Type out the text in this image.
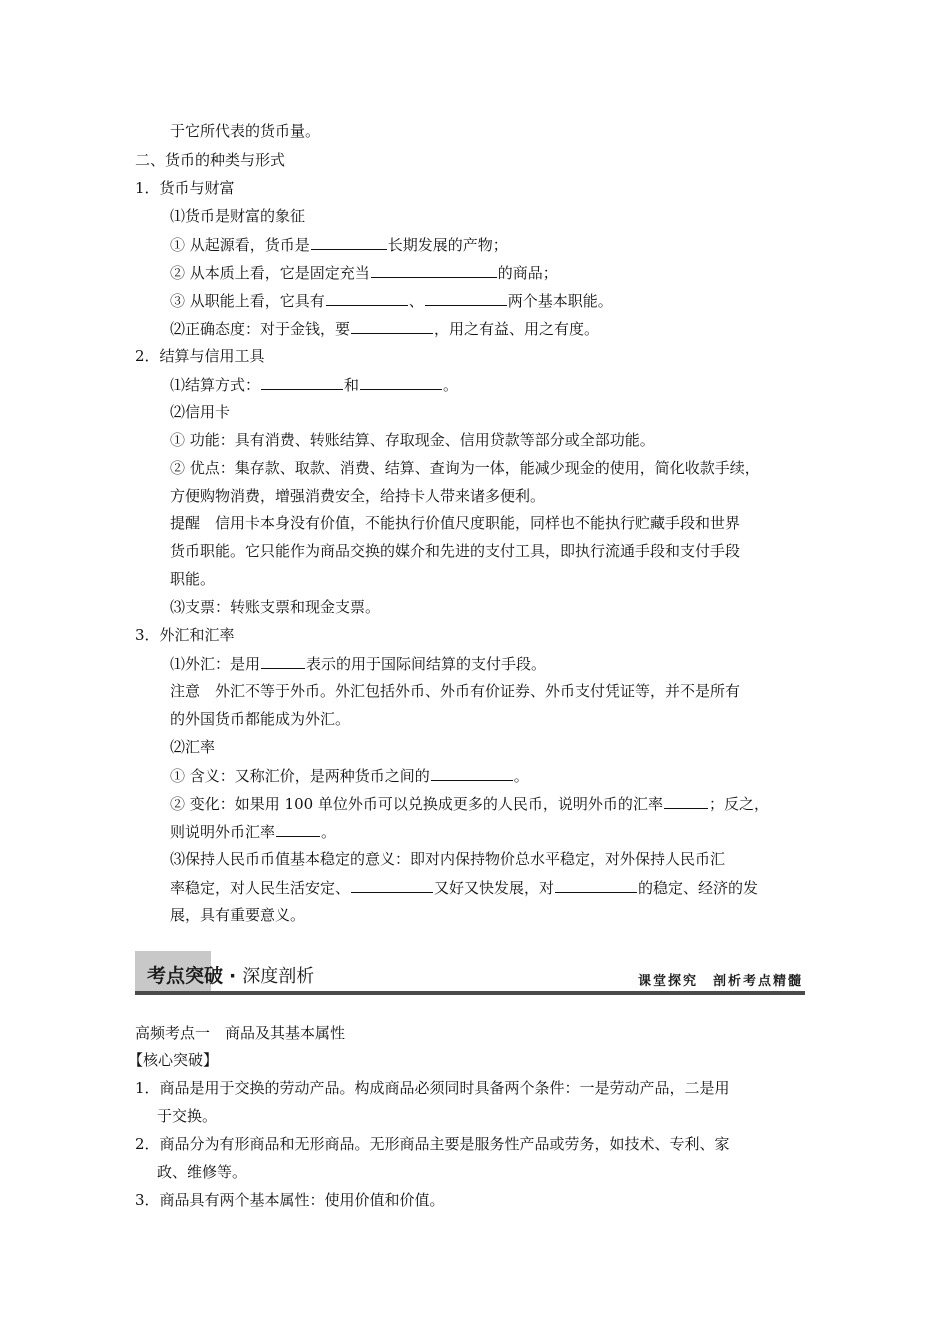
于它所代表的货币量。
二、货币的种类与形式
1．货币与财富
⑴货币是财富的象征
① 从起源看，货币是	长期发展的产物；
② 从本质上看，它是固定充当	的商品；
③ 从职能上看，它具有	、	两个基本职能。
⑵正确态度：对于金钱，要	，用之有益、用之有度。
2．结算与信用工具
⑴结算方式：	和	。
⑵信用卡
① 功能：具有消费、转账结算、存取现金、信用贷款等部分或全部功能。
② 优点：集存款、取款、消费、结算、查询为一体，能减少现金的使用，简化收款手续，
方便购物消费，增强消费安全，给持卡人带来诸多便利。
提醒　信用卡本身没有价值，不能执行价值尺度职能，同样也不能执行贮藏手段和世界
货币职能。它只能作为商品交换的媒介和先进的支付工具，即执行流通手段和支付手段
职能。
⑶支票：转账支票和现金支票。
3．外汇和汇率
⑴外汇：是用	表示的用于国际间结算的支付手段。
注意　外汇不等于外币。外汇包括外币、外币有价证券、外币支付凭证等，并不是所有
的外国货币都能成为外汇。
⑵汇率
① 含义：又称汇价，是两种货币之间的	。
② 变化：如果用 100 单位外币可以兑换成更多的人民币，说明外币的汇率	；反之，
则说明外币汇率	。
⑶保持人民币币值基本稳定的意义：即对内保持物价总水平稳定，对外保持人民币汇
率稳定，对人民生活安定、	又好又快发展，对	的稳定、经济的发
展，具有重要意义。
考点突破 · 深度剖析	课堂探究　剖析考点精髓
高频考点一　商品及其基本属性
【核心突破】
1．商品是用于交换的劳动产品。构成商品必须同时具备两个条件：一是劳动产品，二是用
于交换。
2．商品分为有形商品和无形商品。无形商品主要是服务性产品或劳务，如技术、专利、家
政、维修等。
3．商品具有两个基本属性：使用价值和价值。
